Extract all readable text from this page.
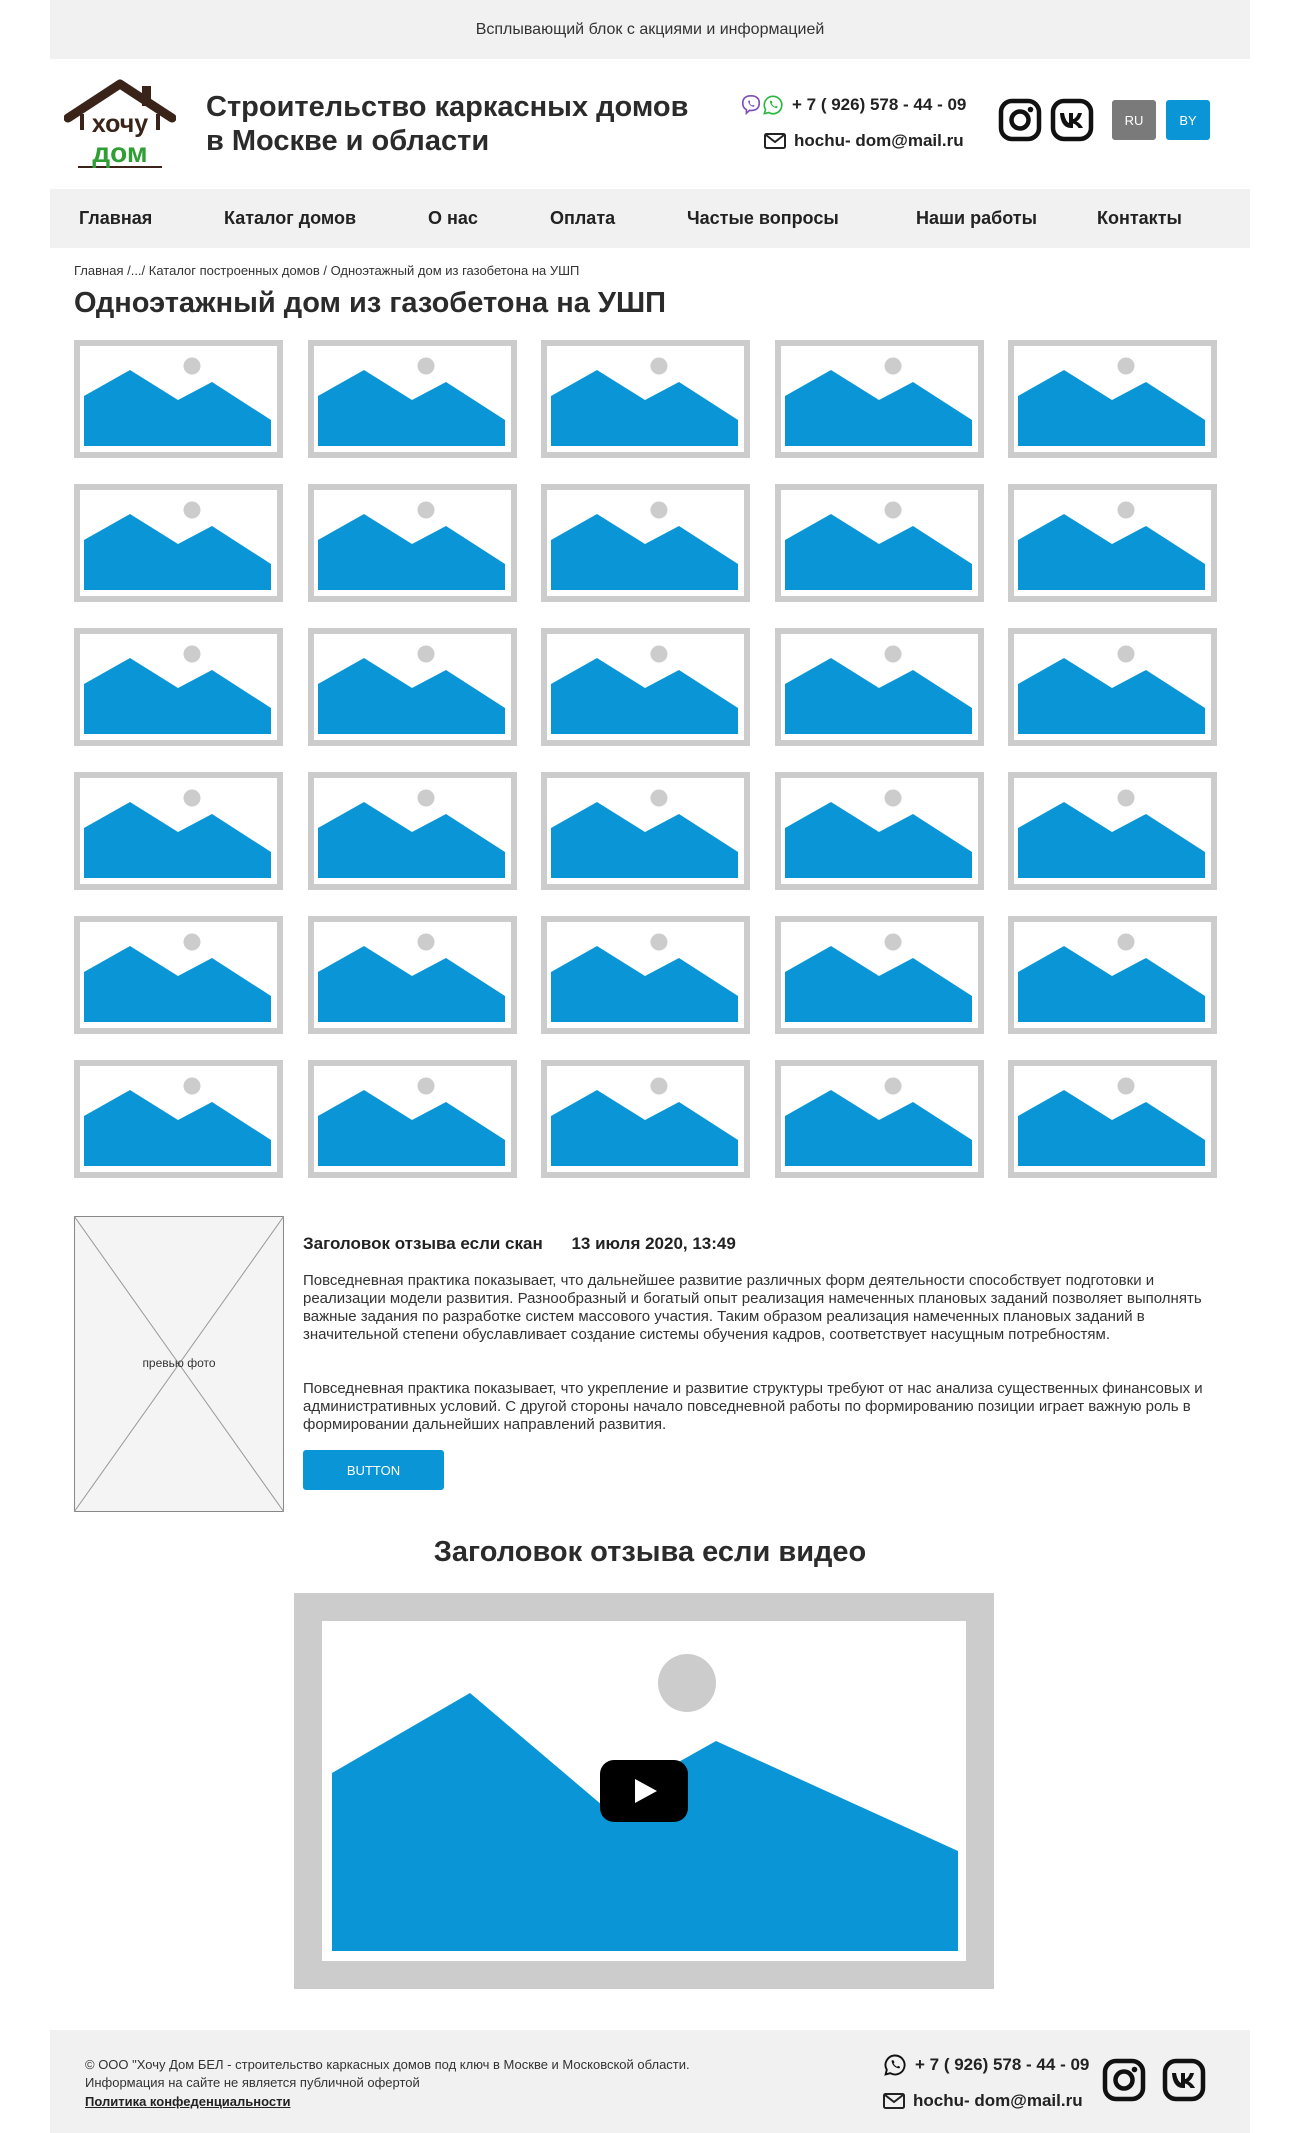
Всплывающий блок с акциями и информацией
хочу
дом
Строительство каркасных домов
в Москве и области
+ 7 ( 926) 578 - 44 - 09
hochu- dom@mail.ru
RU	BY
Главная	Каталог домов	О нас	Оплата	Частые вопросы	Наши работы	Контакты
Главная /.../ Каталог построенных домов / Одноэтажный дом из газобетона на УШП
Одноэтажный дом из газобетона на УШП
превью фото
Заголовок отзыва если скан 13 июля 2020, 13:49

Повседневная практика показывает, что дальнейшее развитие различных форм деятельности способствует подготовки и реализации модели развития. Разнообразный и богатый опыт реализация намеченных плановых заданий позволяет выполнять важные задания по разработке систем массового участия. Таким образом реализация намеченных плановых заданий в значительной степени обуславливает создание системы обучения кадров, соответствует насущным потребностям.

Повседневная практика показывает, что укрепление и развитие структуры требуют от нас анализа существенных финансовых и административных условий. С другой стороны начало повседневной работы по формированию позиции играет важную роль в формировании дальнейших направлений развития.

BUTTON
Заголовок отзыва если видео
© ООО "Хочу Дом БЕЛ - строительство каркасных домов под ключ в Москве и Московской области.
Информация на сайте не является публичной офертой
Политика конфеденциальности
+ 7 ( 926) 578 - 44 - 09
hochu- dom@mail.ru
